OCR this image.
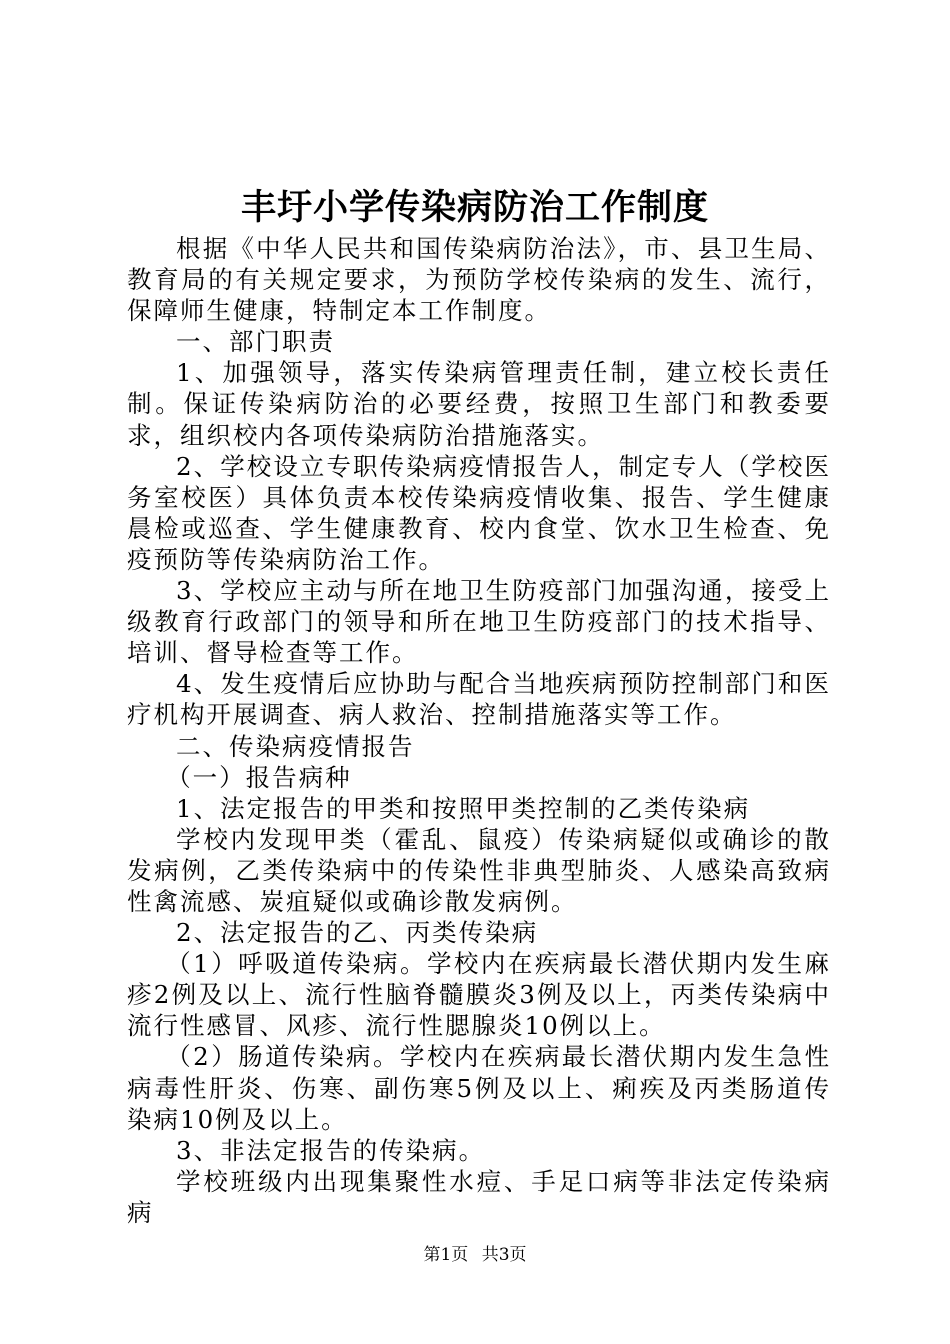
丰圩小学传染病防治工作制度

根据《中华人民共和国传染病防治法》，市、县卫生局、教育局的有关规定要求，为预防学校传染病的发生、流行，保障师生健康，特制定本工作制度。

一、部门职责

1、加强领导，落实传染病管理责任制，建立校长责任制。保证传染病防治的必要经费，按照卫生部门和教委要求，组织校内各项传染病防治措施落实。

2、学校设立专职传染病疫情报告人，制定专人（学校医务室校医）具体负责本校传染病疫情收集、报告、学生健康晨检或巡查、学生健康教育、校内食堂、饮水卫生检查、免疫预防等传染病防治工作。

3、学校应主动与所在地卫生防疫部门加强沟通，接受上级教育行政部门的领导和所在地卫生防疫部门的技术指导、培训、督导检查等工作。

4、发生疫情后应协助与配合当地疾病预防控制部门和医疗机构开展调查、病人救治、控制措施落实等工作。

二、传染病疫情报告

（一）报告病种

1、法定报告的甲类和按照甲类控制的乙类传染病

学校内发现甲类（霍乱、鼠疫）传染病疑似或确诊的散发病例，乙类传染病中的传染性非典型肺炎、人感染高致病性禽流感、炭疽疑似或确诊散发病例。

2、法定报告的乙、丙类传染病

（1）呼吸道传染病。学校内在疾病最长潜伏期内发生麻疹2例及以上、流行性脑脊髓膜炎3例及以上，丙类传染病中流行性感冒、风疹、流行性腮腺炎10例以上。

（2）肠道传染病。学校内在疾病最长潜伏期内发生急性病毒性肝炎、伤寒、副伤寒5例及以上、痢疾及丙类肠道传染病10例及以上。

3、非法定报告的传染病。

学校班级内出现集聚性水痘、手足口病等非法定传染病病

第1页 共3页
